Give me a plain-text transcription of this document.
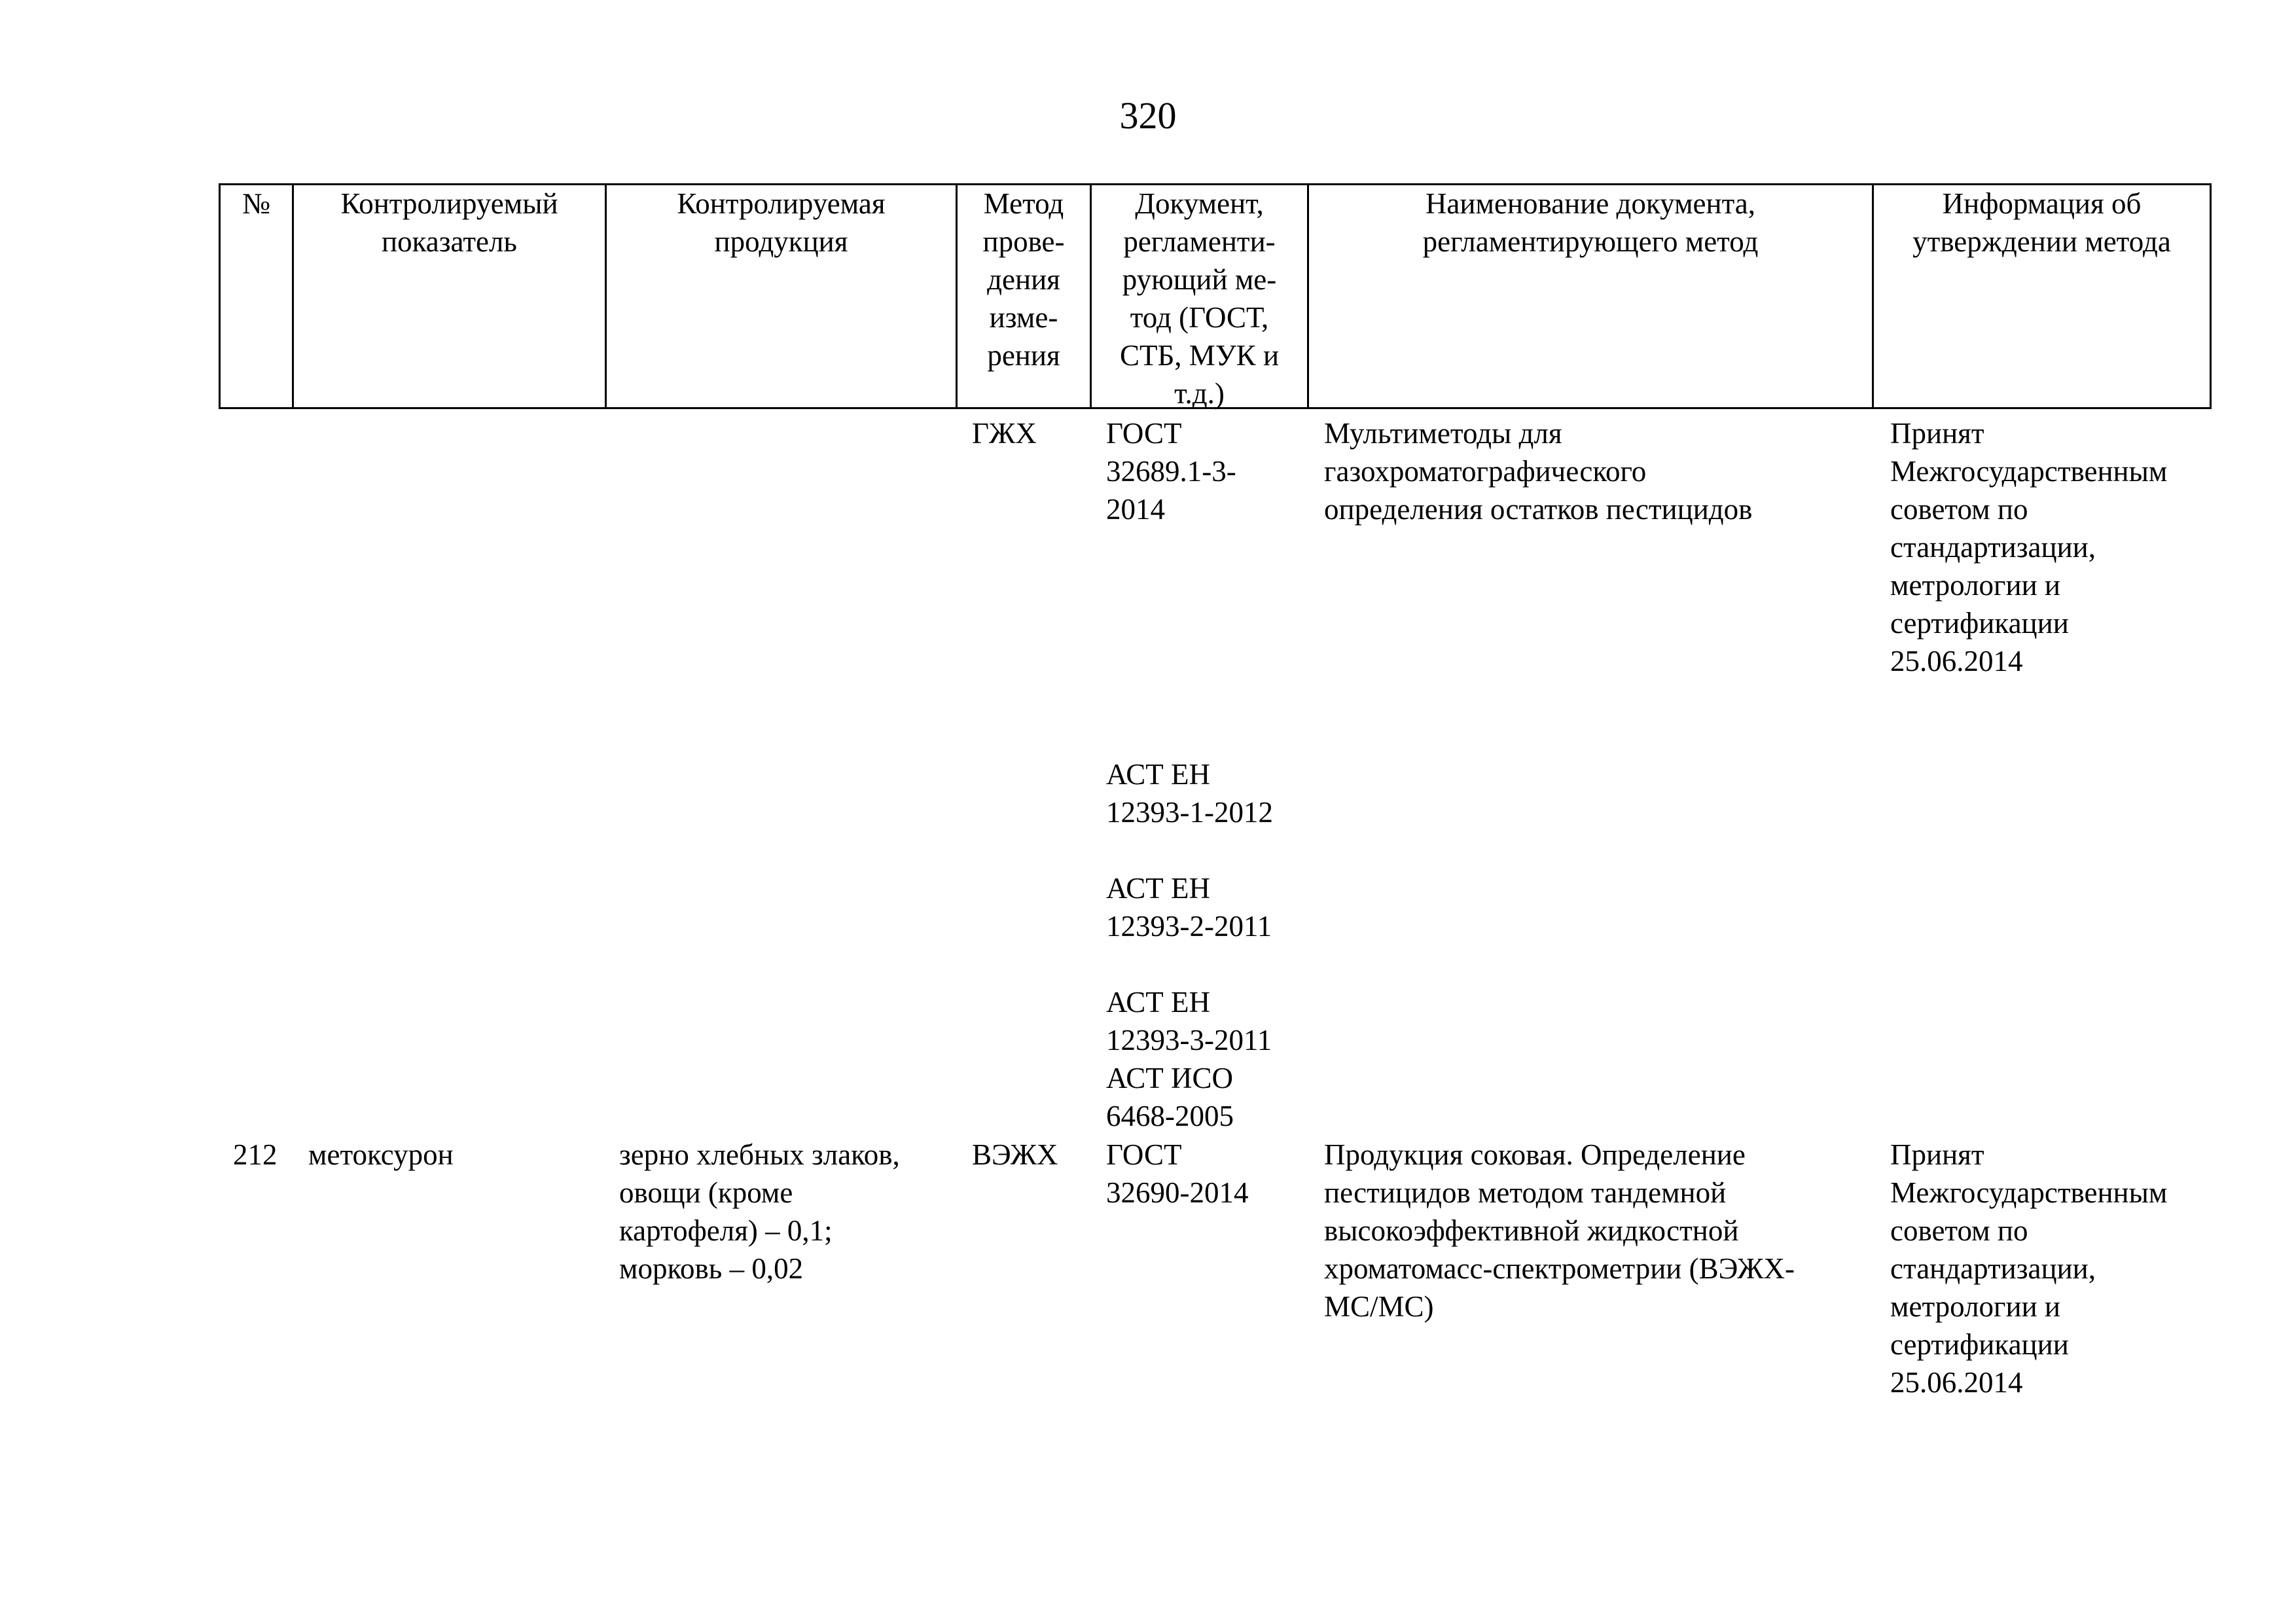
320
№	Контролируемый
показатель
Контролируемая
продукция
Метод
прове-
дения
изме-
рения
Документ,
регламенти-
рующий ме-
тод (ГОСТ,
СТБ, МУК и
т.д.)
Наименование документа,
регламентирующего метод
Информация об
утверждении метода
ГЖХ ГОСТ
32689.1-3-
2014
Мультиметоды для
газохроматографического
определения остатков пестицидов
Принят
Межгосударственным
советом по
стандартизации,
метрологии и
сертификации
25.06.2014
АСТ ЕН
12393-1-2012

АСТ ЕН
12393-2-2011

АСТ ЕН
12393-3-2011
АСТ ИСО
6468-2005
212 метоксурон	зерно хлебных злаков,
овощи (кроме
картофеля) – 0,1;
морковь – 0,02
ВЭЖХ ГОСТ
32690-2014
Продукция соковая. Определение
пестицидов методом тандемной
высокоэффективной жидкостной
хроматомасс-спектрометрии (ВЭЖХ-
МС/МС)
Принят
Межгосударственным
советом по
стандартизации,
метрологии и
сертификации
25.06.2014
